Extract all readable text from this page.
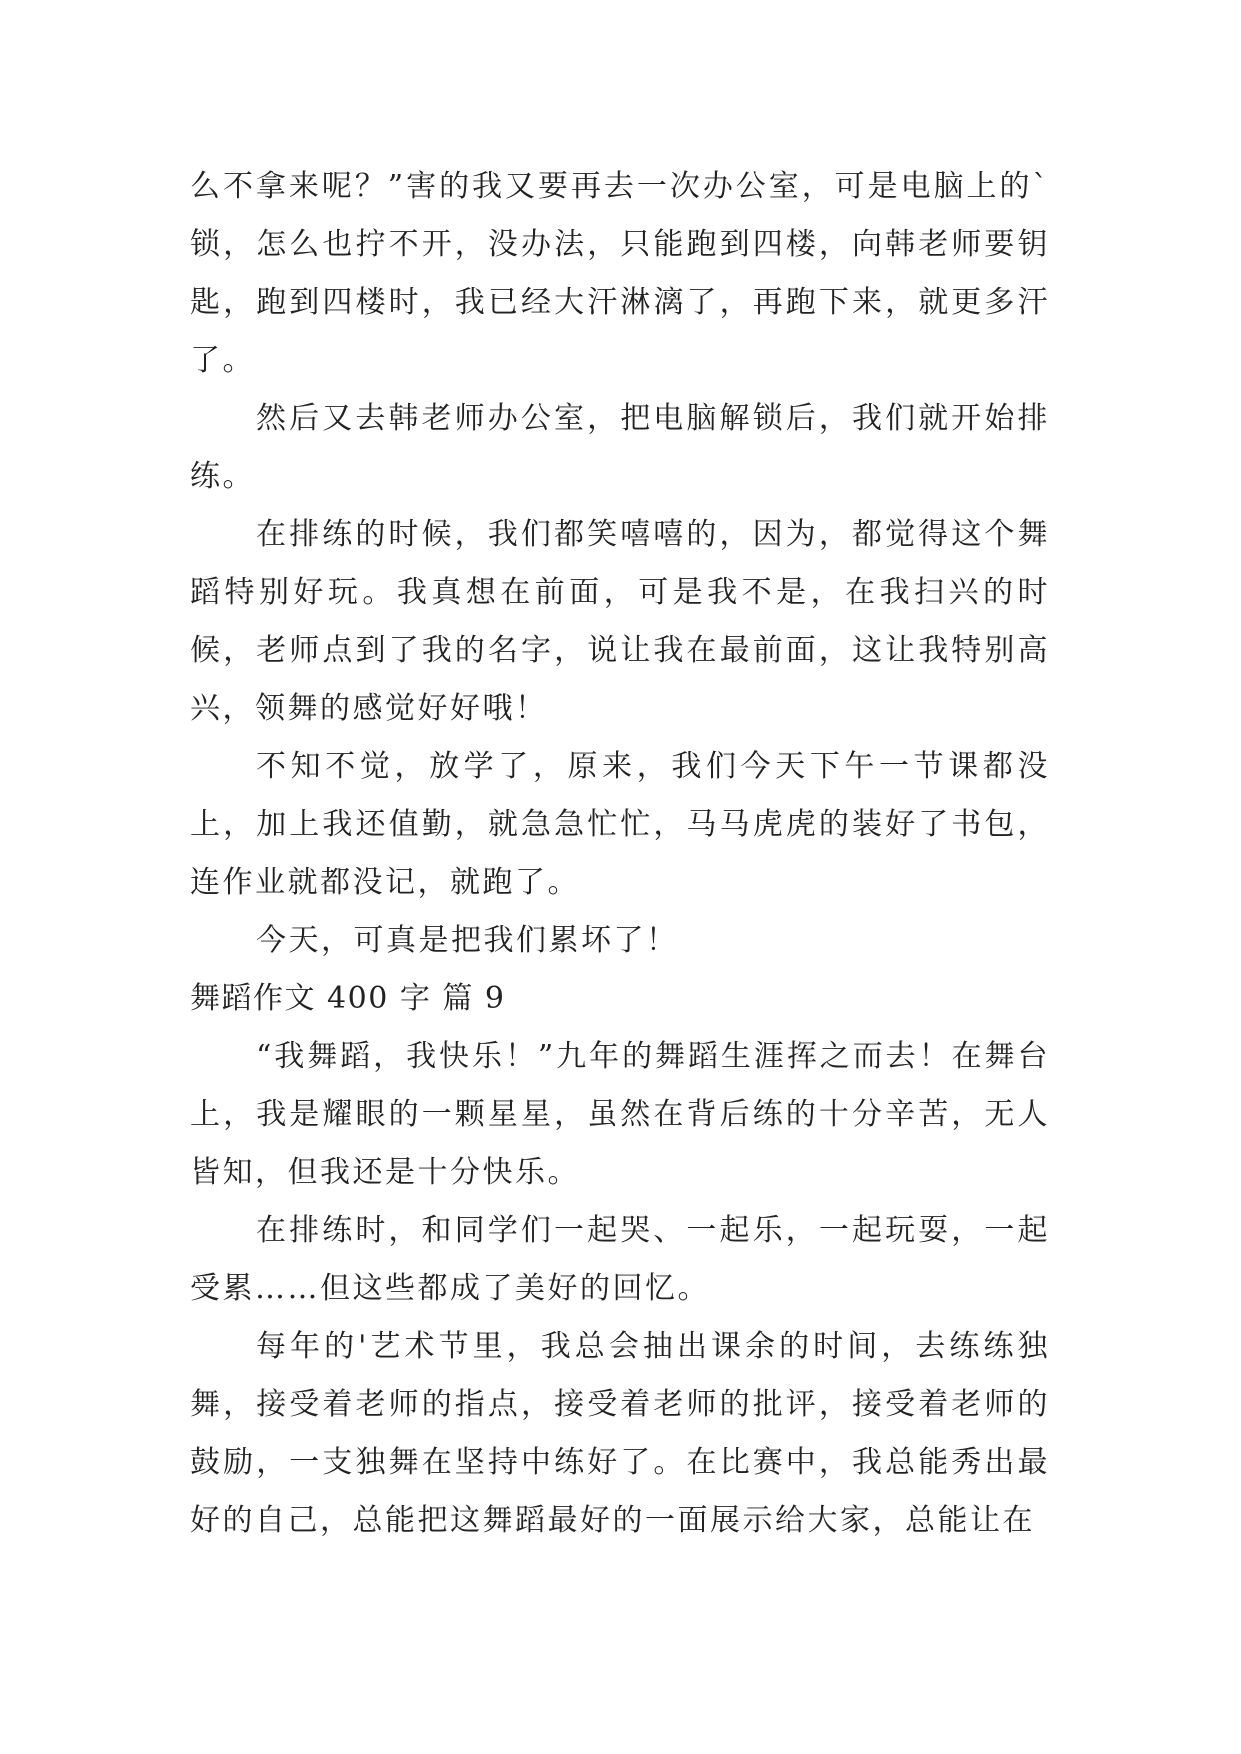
么不拿来呢？”害的我又要再去一次办公室，可是电脑上的`锁，怎么也拧不开，没办法，只能跑到四楼，向韩老师要钥匙，跑到四楼时，我已经大汗淋漓了，再跑下来，就更多汗了。

然后又去韩老师办公室，把电脑解锁后，我们就开始排练。

在排练的时候，我们都笑嘻嘻的，因为，都觉得这个舞蹈特别好玩。我真想在前面，可是我不是，在我扫兴的时候，老师点到了我的名字，说让我在最前面，这让我特别高兴，领舞的感觉好好哦！

不知不觉，放学了，原来，我们今天下午一节课都没上，加上我还值勤，就急急忙忙，马马虎虎的装好了书包，连作业就都没记，就跑了。

今天，可真是把我们累坏了！

舞蹈作文 400 字 篇 9

“我舞蹈，我快乐！”九年的舞蹈生涯挥之而去！在舞台上，我是耀眼的一颗星星，虽然在背后练的十分辛苦，无人皆知，但我还是十分快乐。

在排练时，和同学们一起哭、一起乐，一起玩耍，一起受累……但这些都成了美好的回忆。

每年的'艺术节里，我总会抽出课余的时间，去练练独舞，接受着老师的指点，接受着老师的批评，接受着老师的鼓励，一支独舞在坚持中练好了。在比赛中，我总能秀出最好的自己，总能把这舞蹈最好的一面展示给大家，总能让在
